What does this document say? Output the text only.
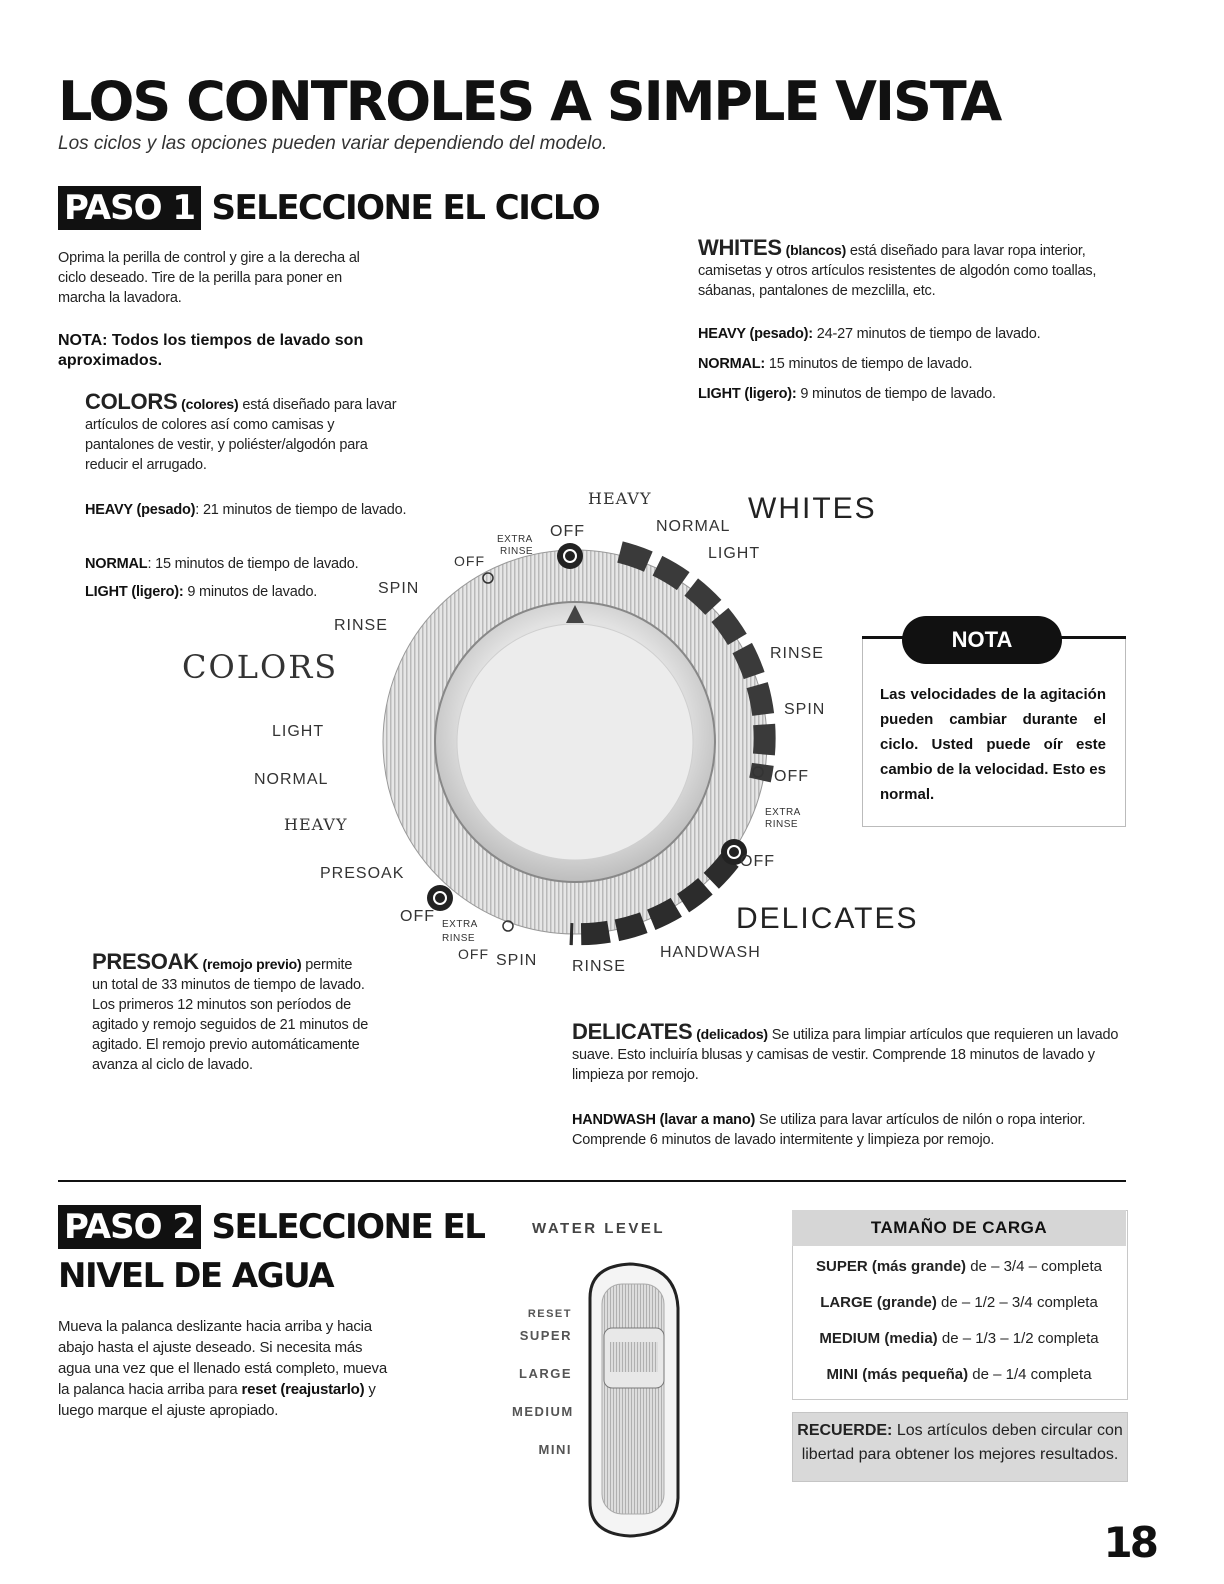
LOS CONTROLES A SIMPLE VISTA
Los ciclos y las opciones pueden variar dependiendo del modelo.
PASO 1 SELECCIONE EL CICLO
Oprima la perilla de control y gire a la derecha al ciclo deseado. Tire de la perilla para poner en marcha la lavadora.
NOTA: Todos los tiempos de lavado son aproximados.
COLORS (colores) está diseñado para lavar artículos de colores así como camisas y pantalones de vestir, y poliéster/algodón para reducir el arrugado.
HEAVY (pesado): 21 minutos de tiempo de lavado.
NORMAL: 15 minutos de tiempo de lavado.
LIGHT (ligero): 9 minutos de lavado.
WHITES (blancos) está diseñado para lavar ropa interior, camisetas y otros artículos resistentes de algodón como toallas, sábanas, pantalones de mezclilla, etc.
HEAVY (pesado): 24-27 minutos de tiempo de lavado.
NORMAL: 15 minutos de tiempo de lavado.
LIGHT (ligero): 9 minutos de tiempo de lavado.
HEAVY	WHITES
NORMAL
LIGHT
OFF
EXTRA
RINSE
OFF
SPIN
RINSE
COLORS
LIGHT
NORMAL
HEAVY
PRESOAK
OFF EXTRA
RINSE
OFF SPIN RINSE
HANDWASH
DELICATES
OFF
EXTRA
RINSE
OFF
SPIN
RINSE
NOTA
Las velocidades de la agitación pueden cambiar durante el ciclo. Usted puede oír este cambio de la velocidad. Esto es normal.
PRESOAK (remojo previo) permite un total de 33 minutos de tiempo de lavado. Los primeros 12 minutos son períodos de agitado y remojo seguidos de 21 minutos de agitado. El remojo previo automáticamente avanza al ciclo de lavado.
DELICATES (delicados) Se utiliza para limpiar artículos que requieren un lavado suave. Esto incluiría blusas y camisas de vestir. Comprende 18 minutos de lavado y limpieza por remojo.
HANDWASH (lavar a mano) Se utiliza para lavar artículos de nilón o ropa interior. Comprende 6 minutos de lavado intermitente y limpieza por remojo.
PASO 2 SELECCIONE EL
NIVEL DE AGUA
Mueva la palanca deslizante hacia arriba y hacia abajo hasta el ajuste deseado. Si necesita más agua una vez que el llenado está completo, mueva la palanca hacia arriba para reset (reajustarlo) y luego marque el ajuste apropiado.
WATER LEVEL
RESET
SUPER
LARGE
MEDIUM
MINI
TAMAÑO DE CARGA
SUPER (más grande) de – 3/4 – completa
LARGE (grande) de – 1/2 – 3/4 completa
MEDIUM (media) de – 1/3 – 1/2 completa
MINI (más pequeña) de – 1/4 completa
RECUERDE: Los artículos deben circular con libertad para obtener los mejores resultados.
18
